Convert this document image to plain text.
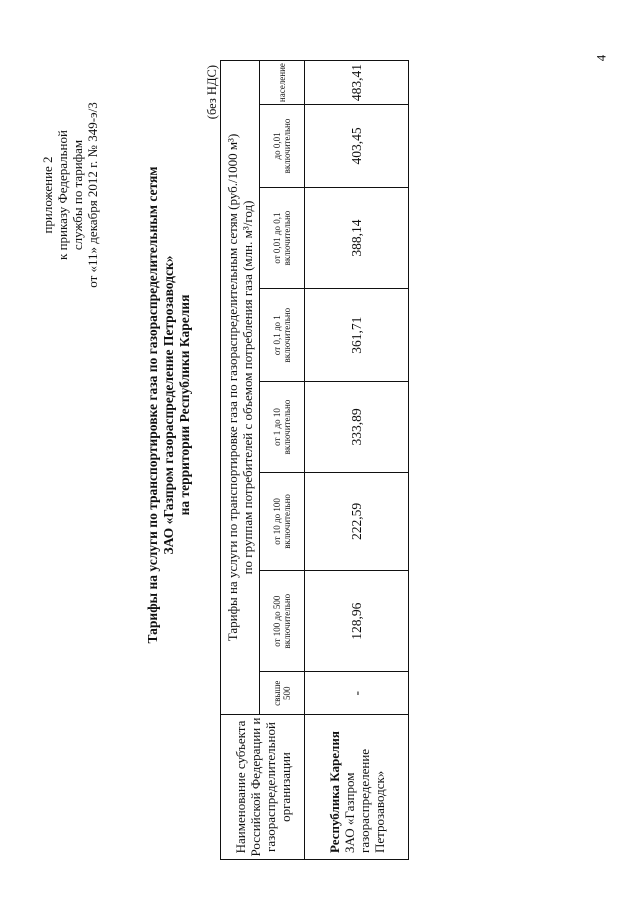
4
приложение 2 к приказу Федеральной службы по тарифам от «11» декабря 2012 г. № 349-э/3	Тарифы на услуги по транспортировке газа по газораспределительным сетям ЗАО «Газпром газораспределение Петрозаводск» на территории Республики Карелия
(без НДС)
Наименование субъекта Российской Федерации и газораспределительной организации	Тарифы на услуги по транспортировке газа по газораспределительным сетям (руб./1000 м³) по группам потребителей с объемом потребления газа (млн. м³/год)							

	свыше 500	от 100 до 500 включительно	от 10 до 100 включительно	от 1 до 10 включительно	от 0,1 до 1 включительно	от 0,01 до 0,1 включительно	до 0,01 включительно	население
Республика Карелия
ЗАО «Газпром газораспределение Петрозаводск»	-	128,96	222,59	333,89	361,71	388,14	403,45	483,41
